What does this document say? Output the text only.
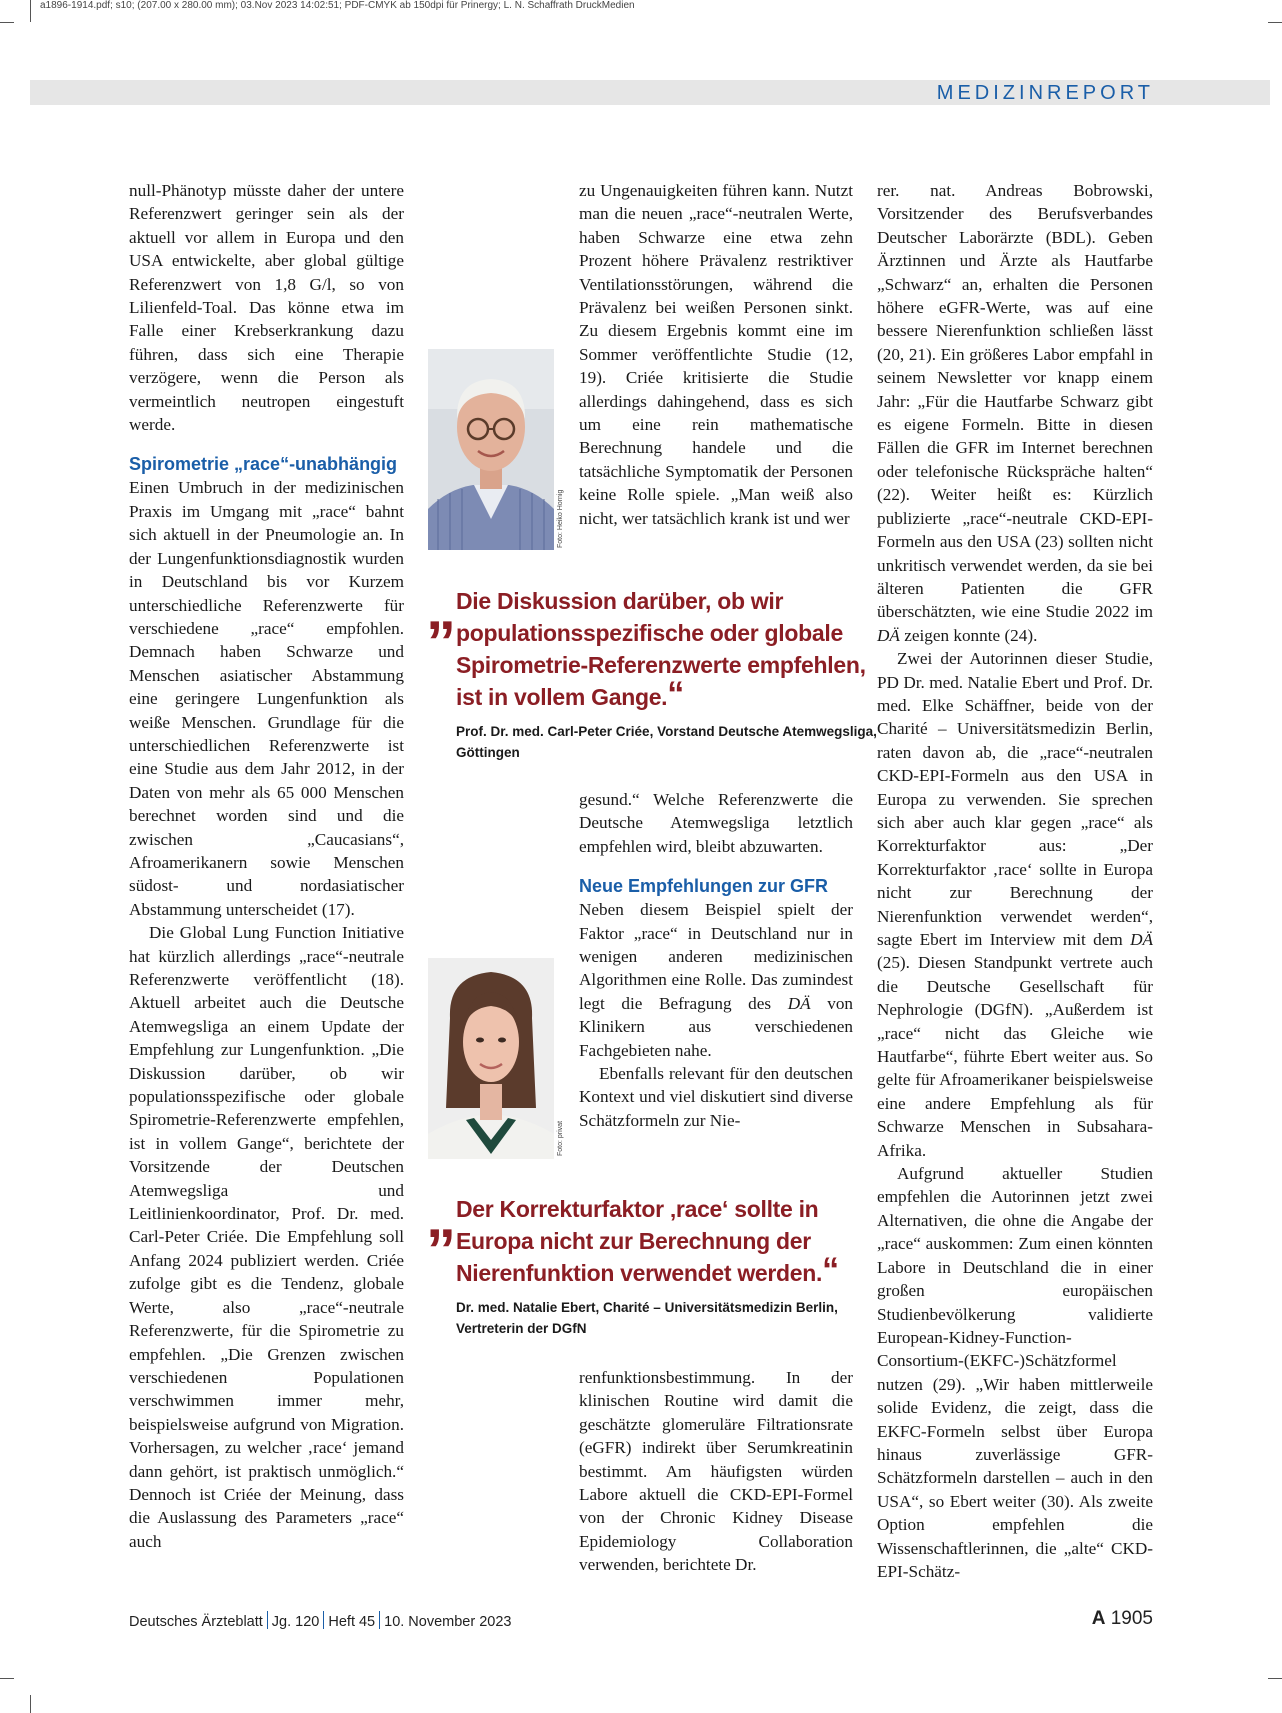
a1896-1914.pdf; s10; (207.00 x 280.00 mm); 03.Nov 2023 14:02:51; PDF-CMYK ab 150dpi für Prinergy; L. N. Schaffrath DruckMedien
MEDIZINREPORT

null-Phänotyp müsste daher der untere Referenzwert geringer sein als der aktuell vor allem in Europa und den USA entwickelte, aber global gültige Referenzwert von 1,8 G/l, so von Lilienfeld-Toal. Das könne etwa im Falle einer Krebserkrankung dazu führen, dass sich eine Therapie verzögere, wenn die Person als vermeintlich neutropen eingestuft werde.

Spirometrie „race“-unabhängig

Einen Umbruch in der medizinischen Praxis im Umgang mit „race“ bahnt sich aktuell in der Pneumologie an. In der Lungenfunktionsdiagnostik wurden in Deutschland bis vor Kurzem unterschiedliche Referenzwerte für verschiedene „race“ empfohlen. Demnach haben Schwarze und Menschen asiatischer Abstammung eine geringere Lungenfunktion als weiße Menschen. Grundlage für die unterschiedlichen Referenzwerte ist eine Studie aus dem Jahr 2012, in der Daten von mehr als 65 000 Menschen berechnet worden sind und die zwischen „Caucasians“, Afroamerikanern sowie Menschen südost- und nordasiatischer Abstammung unterscheidet (17).

Die Global Lung Function Initiative hat kürzlich allerdings „race“-neutrale Referenzwerte veröffentlicht (18). Aktuell arbeitet auch die Deutsche Atemwegsliga an einem Update der Empfehlung zur Lungenfunktion. „Die Diskussion darüber, ob wir populationsspezifische oder globale Spirometrie-Referenzwerte empfehlen, ist in vollem Gange“, berichtete der Vorsitzende der Deutschen Atemwegsliga und Leitlinienkoordinator, Prof. Dr. med. Carl-Peter Criée. Die Empfehlung soll Anfang 2024 publiziert werden. Criée zufolge gibt es die Tendenz, globale Werte, also „race“-neutrale Referenzwerte, für die Spirometrie zu empfehlen. „Die Grenzen zwischen verschiedenen Populationen verschwimmen immer mehr, beispielsweise aufgrund von Migration. Vorhersagen, zu welcher ‚race‘ jemand dann gehört, ist praktisch unmöglich.“ Dennoch ist Criée der Meinung, dass die Auslassung des Parameters „race“ auch

Foto: Heiko Hornig

zu Ungenauigkeiten führen kann. Nutzt man die neuen „race“-neutralen Werte, haben Schwarze eine etwa zehn Prozent höhere Prävalenz restriktiver Ventilationsstörungen, während die Prävalenz bei weißen Personen sinkt. Zu diesem Ergebnis kommt eine im Sommer veröffentlichte Studie (12, 19). Criée kritisierte die Studie allerdings dahingehend, dass es sich um eine rein mathematische Berechnung handele und die tatsächliche Symptomatik der Personen keine Rolle spiele. „Man weiß also nicht, wer tatsächlich krank ist und wer

„ Die Diskussion darüber, ob wir populationsspezifische oder globale Spirometrie-Referenzwerte empfehlen, ist in vollem Gange.“
Prof. Dr. med. Carl-Peter Criée, Vorstand Deutsche Atemwegsliga, Göttingen

gesund.“ Welche Referenzwerte die Deutsche Atemwegsliga letztlich empfehlen wird, bleibt abzuwarten.

Neue Empfehlungen zur GFR

Neben diesem Beispiel spielt der Faktor „race“ in Deutschland nur in wenigen anderen medizinischen Algorithmen eine Rolle. Das zumindest legt die Befragung des DÄ von Klinikern aus verschiedenen Fachgebieten nahe.

Ebenfalls relevant für den deutschen Kontext und viel diskutiert sind diverse Schätzformeln zur Nie-

Foto: privat
„ Der Korrekturfaktor ‚race‘ sollte in Europa nicht zur Berechnung der Nierenfunktion verwendet werden.“
Dr. med. Natalie Ebert, Charité – Universitätsmedizin Berlin, Vertreterin der DGfN

renfunktionsbestimmung. In der klinischen Routine wird damit die geschätzte glomeruläre Filtrationsrate (eGFR) indirekt über Serumkreatinin bestimmt. Am häufigsten würden Labore aktuell die CKD-EPI-Formel von der Chronic Kidney Disease Epidemiology Collaboration verwenden, berichtete Dr.

rer. nat. Andreas Bobrowski, Vorsitzender des Berufsverbandes Deutscher Laborärzte (BDL). Geben Ärztinnen und Ärzte als Hautfarbe „Schwarz“ an, erhalten die Personen höhere eGFR-Werte, was auf eine bessere Nierenfunktion schließen lässt (20, 21). Ein größeres Labor empfahl in seinem Newsletter vor knapp einem Jahr: „Für die Hautfarbe Schwarz gibt es eigene Formeln. Bitte in diesen Fällen die GFR im Internet berechnen oder telefonische Rückspräche halten“ (22). Weiter heißt es: Kürzlich publizierte „race“-neutrale CKD-EPI-Formeln aus den USA (23) sollten nicht unkritisch verwendet werden, da sie bei älteren Patienten die GFR überschätzten, wie eine Studie 2022 im DÄ zeigen konnte (24).

Zwei der Autorinnen dieser Studie, PD Dr. med. Natalie Ebert und Prof. Dr. med. Elke Schäffner, beide von der Charité – Universitätsmedizin Berlin, raten davon ab, die „race“-neutralen CKD-EPI-Formeln aus den USA in Europa zu verwenden. Sie sprechen sich aber auch klar gegen „race“ als Korrekturfaktor aus: „Der Korrekturfaktor ‚race‘ sollte in Europa nicht zur Berechnung der Nierenfunktion verwendet werden“, sagte Ebert im Interview mit dem DÄ (25). Diesen Standpunkt vertrete auch die Deutsche Gesellschaft für Nephrologie (DGfN). „Außerdem ist „race“ nicht das Gleiche wie Hautfarbe“, führte Ebert weiter aus. So gelte für Afroamerikaner beispielsweise eine andere Empfehlung als für Schwarze Menschen in Subsahara-Afrika.

Aufgrund aktueller Studien empfehlen die Autorinnen jetzt zwei Alternativen, die ohne die Angabe der „race“ auskommen: Zum einen könnten Labore in Deutschland die in einer großen europäischen Studienbevölkerung validierte European-Kidney-Function-Consortium-(EKFC-)Schätzformel nutzen (29). „Wir haben mittlerweile solide Evidenz, die zeigt, dass die EKFC-Formeln selbst über Europa hinaus zuverlässige GFR-Schätzformeln darstellen – auch in den USA“, so Ebert weiter (30). Als zweite Option empfehlen die Wissenschaftlerinnen, die „alte“ CKD-EPI-Schätz-

Deutsches Ärzteblatt Jg. 120 Heft 45 10. November 2023	A 1905
